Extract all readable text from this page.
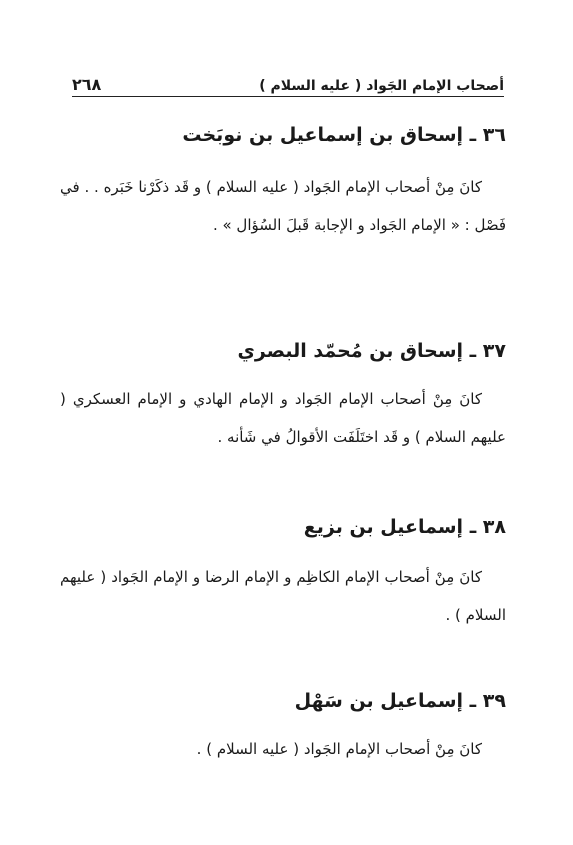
أصحاب الإمام الجَواد ( عليه السلام )
٢٦٨
٣٦ ـ إسحاق بن إسماعيل بن نوبَخت
كانَ مِنْ أصحاب الإمام الجَواد ( عليه السلام ) و قَد ذكَرْنا خَبَره . . في فَصْل : « الإمام الجَواد و الإجابة قَبلَ السُؤال » .
٣٧ ـ إسحاق بن مُحمّد البصري
كانَ مِنْ أصحاب الإمام الجَواد و الإمام الهادي و الإمام العسكري ( عليهم السلام ) و قَد اختَلَفَت الأقوالُ في شَأنه .
٣٨ ـ إسماعيل بن بزيع
كانَ مِنْ أصحاب الإمام الكاظِم و الإمام الرضا و الإمام الجَواد ( عليهم السلام ) .
٣٩ ـ إسماعيل بن سَهْل
كانَ مِنْ أصحاب الإمام الجَواد ( عليه السلام ) .
